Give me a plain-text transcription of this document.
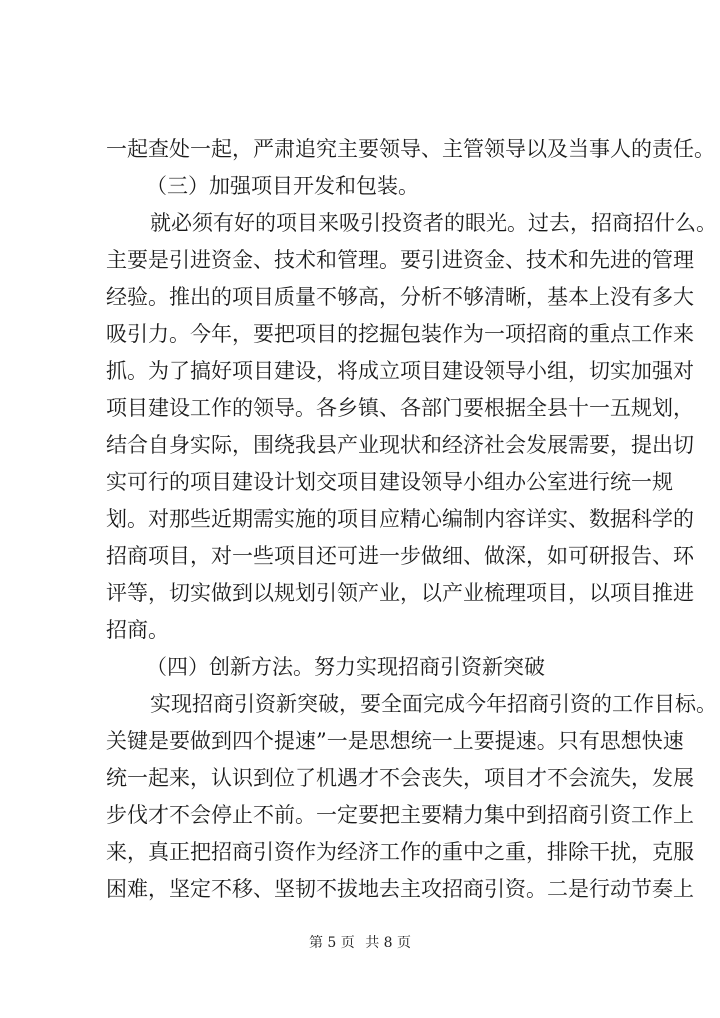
一起查处一起，严肃追究主要领导、主管领导以及当事人的责任。
（三）加强项目开发和包装。
就必须有好的项目来吸引投资者的眼光。过去，招商招什么。
主要是引进资金、技术和管理。要引进资金、技术和先进的管理
经验。推出的项目质量不够高，分析不够清晰，基本上没有多大
吸引力。今年，要把项目的挖掘包装作为一项招商的重点工作来
抓。为了搞好项目建设，将成立项目建设领导小组，切实加强对
项目建设工作的领导。各乡镇、各部门要根据全县十一五规划，
结合自身实际，围绕我县产业现状和经济社会发展需要，提出切
实可行的项目建设计划交项目建设领导小组办公室进行统一规
划。对那些近期需实施的项目应精心编制内容详实、数据科学的
招商项目，对一些项目还可进一步做细、做深，如可研报告、环
评等，切实做到以规划引领产业，以产业梳理项目，以项目推进
招商。
（四）创新方法。努力实现招商引资新突破
实现招商引资新突破，要全面完成今年招商引资的工作目标。
关键是要做到四个提速”一是思想统一上要提速。只有思想快速
统一起来，认识到位了机遇才不会丧失，项目才不会流失，发展
步伐才不会停止不前。一定要把主要精力集中到招商引资工作上
来，真正把招商引资作为经济工作的重中之重，排除干扰，克服
困难，坚定不移、坚韧不拔地去主攻招商引资。二是行动节奏上
第 5 页 共 8 页
